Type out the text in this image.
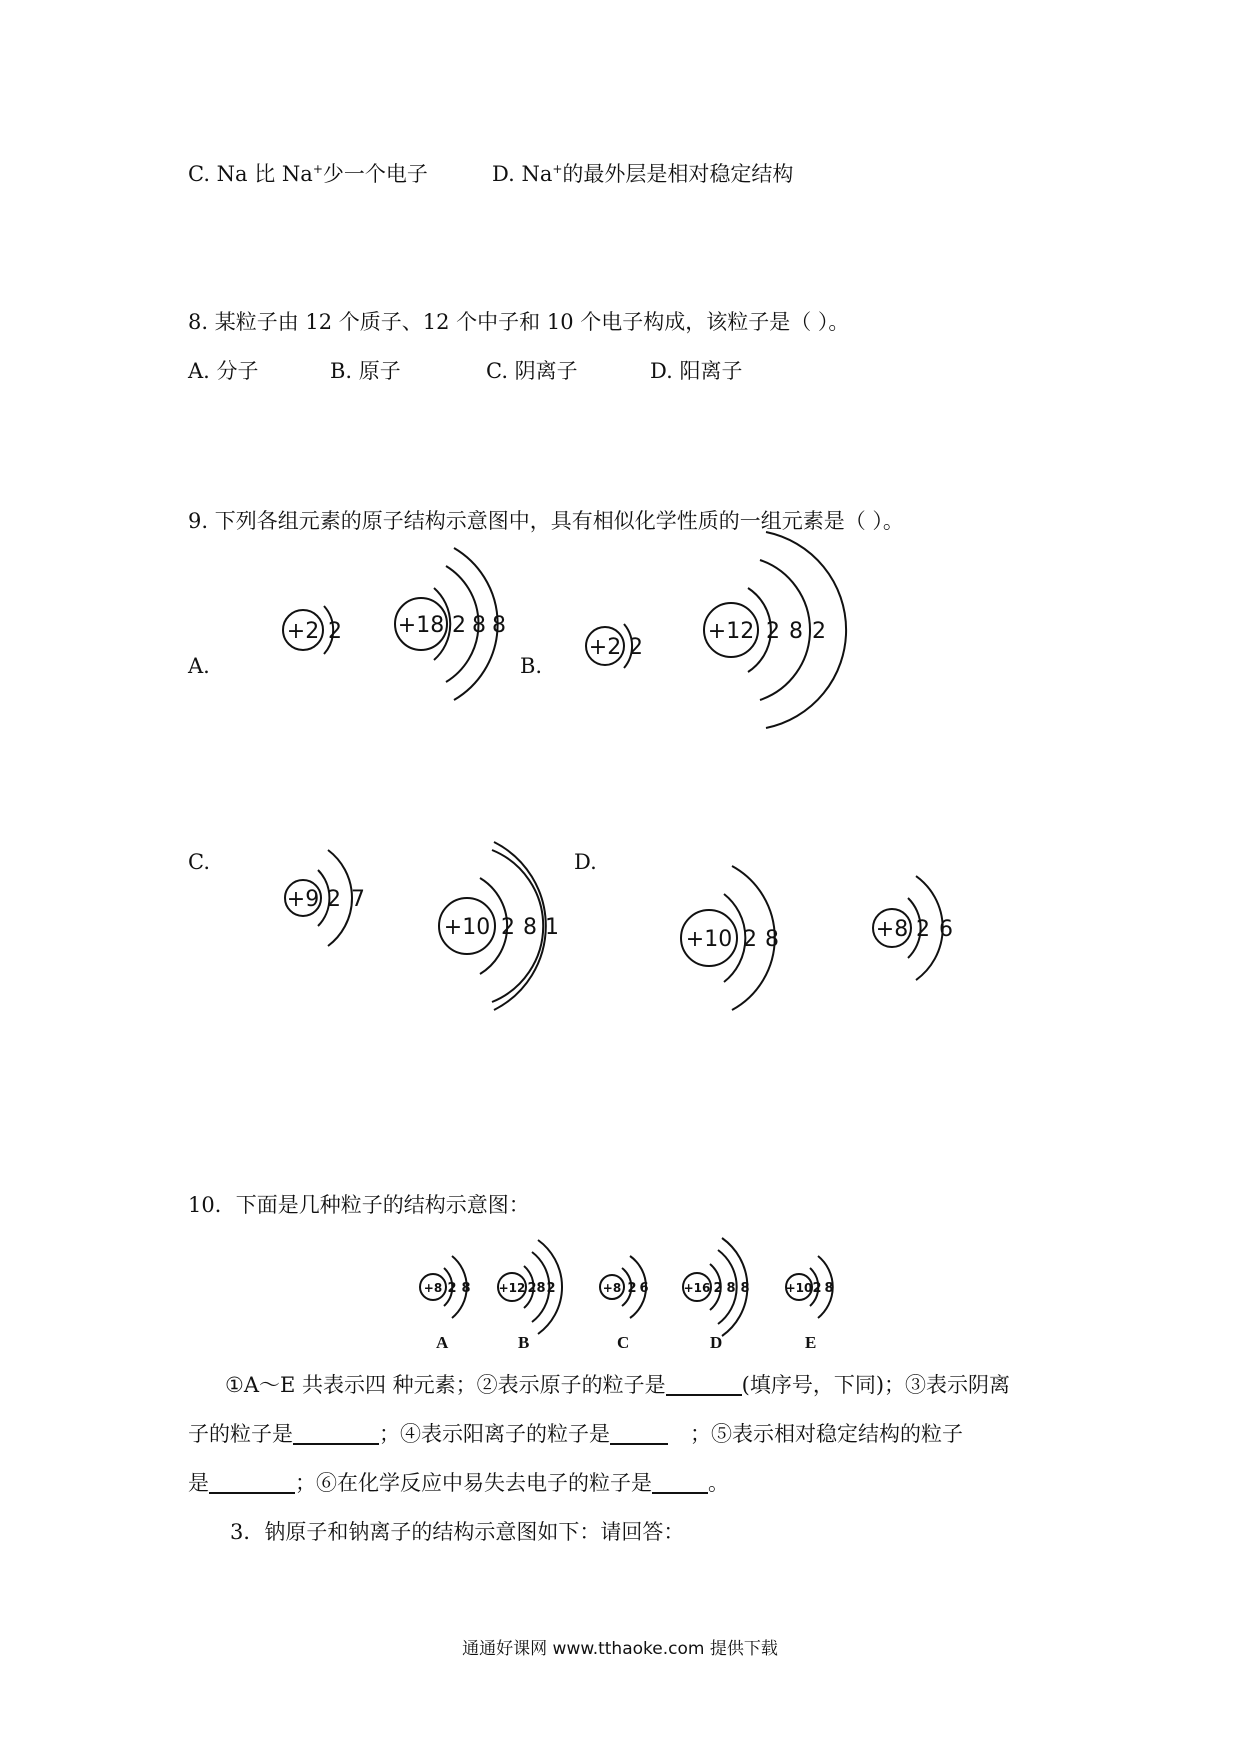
C. Na 比 Na+少一个电子	D. Na+的最外层是相对稳定结构
8. 某粒子由 12 个质子、12 个中子和 10 个电子构成，该粒子是（ ）。
A. 分子	B. 原子	C. 阴离子	D. 阳离子
9. 下列各组元素的原子结构示意图中，具有相似化学性质的一组元素是（ ）。
A.	B.
C.	D.
+2 2	+18 2 8 8
+2 2
+12 2 8 2
+9 2 7
+10 2 8 1	+10 2 8	+8 2 6
10．下面是几种粒子的结构示意图：
+8 2 8 +12 2 8 2	+8 2 6	+16 2 8 8	+10 2 8
A	B	C	D	E
①A～E 共表示四 种元素；②表示原子的粒子是	(填序号，下同)；③表示阴离
子的粒子是	；④表示阳离子的粒子是	；⑤表示相对稳定结构的粒子
是	；⑥在化学反应中易失去电子的粒子是	。
3．钠原子和钠离子的结构示意图如下：请回答：
通通好课网 www.tthaoke.com 提供下载
